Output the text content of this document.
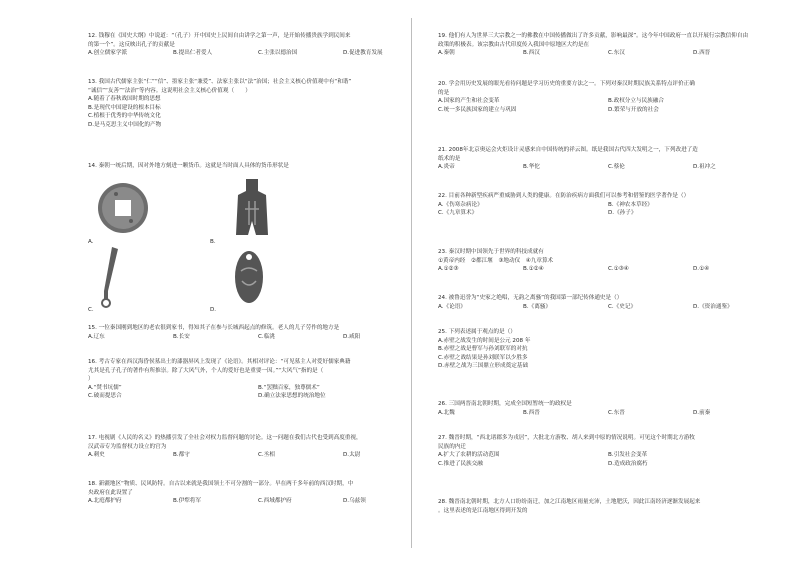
12. 钱穆在《国史大纲》中说道：“（孔子）开中国史上民间自由讲学之第一声，是开始传播贵族学到民间来
的第一个”。这反映出孔子的贡献是
A.创立儒家学派	B.提出仁者爱人	C.主张以德治国	D.促进教育发展
13. 我国古代儒家主张“仁”“信”、墨家主张“兼爱”、法家主张以“法”治国；社会主义核心价值观中有“和谐”
“诚信”“友善”“法治”等内容。这说明社会主义核心价值观（　　）
A.随着了春秋战国时期的思想
B.是现代中国建设的根本目标
C.植根于优秀的中华传统文化
D.是马克思主义中国化的产物
14. 秦朝一统后期，因对外地方刻进一颗货币。这就是当时面人具体的货币形状是
A.	B.
C.	D.
15. 一位秦国刚到地区的老农很到家书，得知其子在参与长城西起点的修筑。老人的儿子劳作的地方是
A.辽东	B.长安	C.临洮	D.咸阳
16. 考古专家在西汉海昏侯墓出土的漆器屏风上发现了《论语》。其相对评论：“可见墓主人对爱好儒家典籍
尤其是孔子孔子的著作有所推崇。除了大风气外，个人的爱好也是重要一因。”“大风气”指的是（
）
A.“焚书坑儒”	B.“罢黜百家，独尊儒术”
C.破而提思合	D.确立法家思想的统治地位
17. 电视剧《人民的名义》的热播引发了全社会对权力监督问题的讨论。这一问题在我们古代也受到高度重视，
汉武帝专为监督权力设立的官为
A.刺史	B.都守	C.丞相	D.太尉
18. 新疆地区“物质、民风防特。自古以来就是我国领土不可分割的一部分。早在两千多年前的西汉时期，中
央政府在此设置了
A.北庭都护府	B.伊犁将军	C.西域都护府	D.乌兹领
19. 他们有人为世界三大宗教之一的佛教在中国传播做出了许多贡献，影响最深”。这今年中国政府一直以开展行宗教信仰自由
政策的积极表。该宗教由古代印度传入我国中原地区大约是在
A.秦朝	B.西汉	C.东汉	D.西晋
20. 学会用历史发展的眼光看待问题是学习历史的重要方法之一。下列对秦汉时期民族关系特点评价正确
的是
A.国家的产生和社会变革	B.政权分立与民族融合
C.统一多民族国家的建立与巩固	D.繁荣与开放的社会
21. 2008年北京奥运会火炬设计灵感来自中国传统的祥云图。纸是我国古代四大发明之一，下列改进了造
纸术的是
A.炎帝	B.华佗	C.蔡伦	D.祖冲之
22. 目前各种新型疾病严重威胁到人类的健康。在防治疾病方面我们可以参考和借鉴的医学著作是（）
A.《伤寒杂病论》	B.《神农本草经》
C.《九章算术》	D.《孙子》
23. 秦汉时期中国领先于世界的科技成就有
①黄帝内经　②都江堰　③地动仪　④九章算术
A.①②③	B.①②④	C.①③④	D.①④
24. 被鲁迅誉为“史家之绝唱，无韵之离骚”的我国第一部纪传体通史是（）
A.《论语》	B.《离骚》	C.《史记》	D.《资治通鉴》
25. 下列表述属于观点的是（）
A.赤壁之战发生的时间是公元 208 年
B.赤壁之战是曹军与孙刘联军的对抗
C.赤壁之战结果是孙刘联军以少胜多
D.赤壁之战为三国鼎立形成奠定基础
26. 三国两晋南北朝时期，完成全国短暂统一的政权是
A.北魏	B.西晋	C.东晋	D.前秦
27. 魏晋时期，“西北诸郡多为戎居”，大批北方游牧、胡人来到中原的情况说明。可见这个时期北方游牧
民族的内迁
A.扩大了农耕的活动范围	B.引发社会变革
C.推进了民族交融	D.造成政治腐朽
28. 魏晋南北朝时期，北方人口纷纷南迁，加之江南地区雨量充沛，土地肥沃，因此江南经济逐渐发展起来
。这里表述的是江南地区得到开发的
